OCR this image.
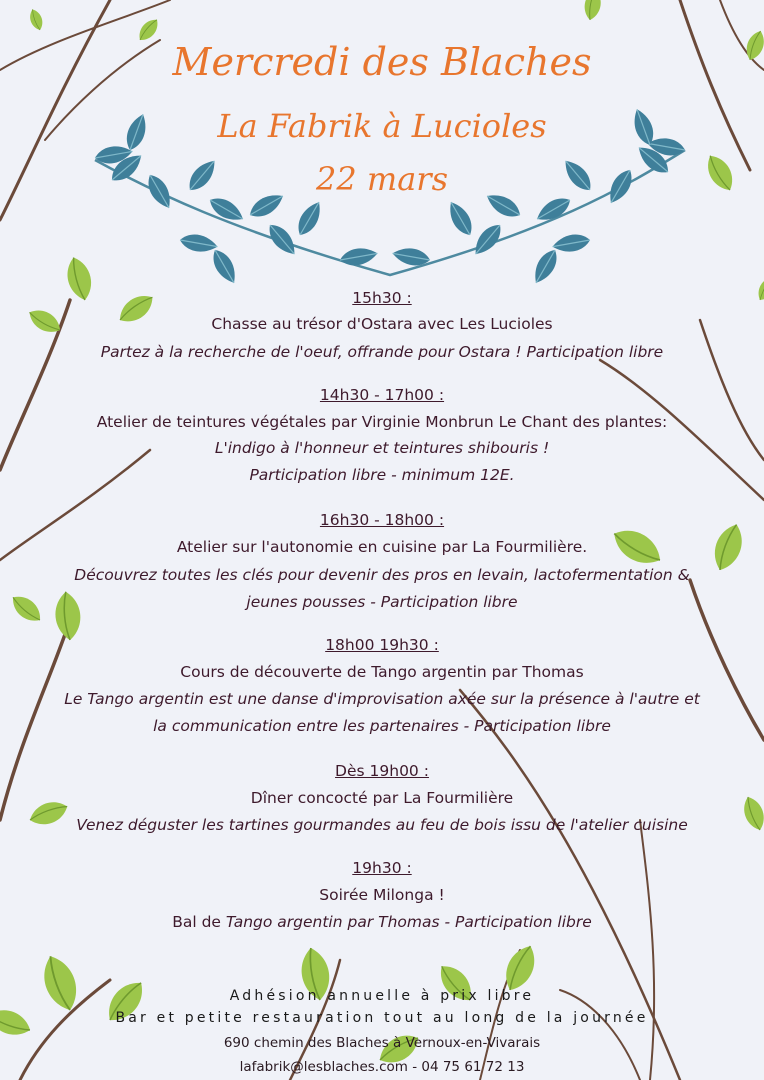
Mercredi des Blaches
La Fabrik à Lucioles
22 mars
15h30 :
Chasse au trésor d'Ostara avec Les Lucioles
Partez à la recherche de l'oeuf, offrande pour Ostara ! Participation libre
14h30 - 17h00 :
Atelier de teintures végétales par Virginie Monbrun Le Chant des plantes:
L'indigo à l'honneur et teintures shibouris !
Participation libre - minimum 12E.
16h30 - 18h00 :
Atelier sur l'autonomie en cuisine par La Fourmilière.
Découvrez toutes les clés pour devenir des pros en levain, lactofermentation &
jeunes pousses - Participation libre
18h00 19h30 :
Cours de découverte de Tango argentin par Thomas
Le Tango argentin est une danse d'improvisation axée sur la présence à l'autre et
la communication entre les partenaires - Participation libre
Dès 19h00 :
Dîner concocté par La Fourmilière
Venez déguster les tartines gourmandes au feu de bois issu de l'atelier cuisine
19h30 :
Soirée Milonga !
Bal de Tango argentin par Thomas - Participation libre
Adhésion annuelle à prix libre
Bar et petite restauration tout au long de la journée
690 chemin des Blaches à Vernoux-en-Vivarais
lafabrik@lesblaches.com - 04 75 61 72 13
